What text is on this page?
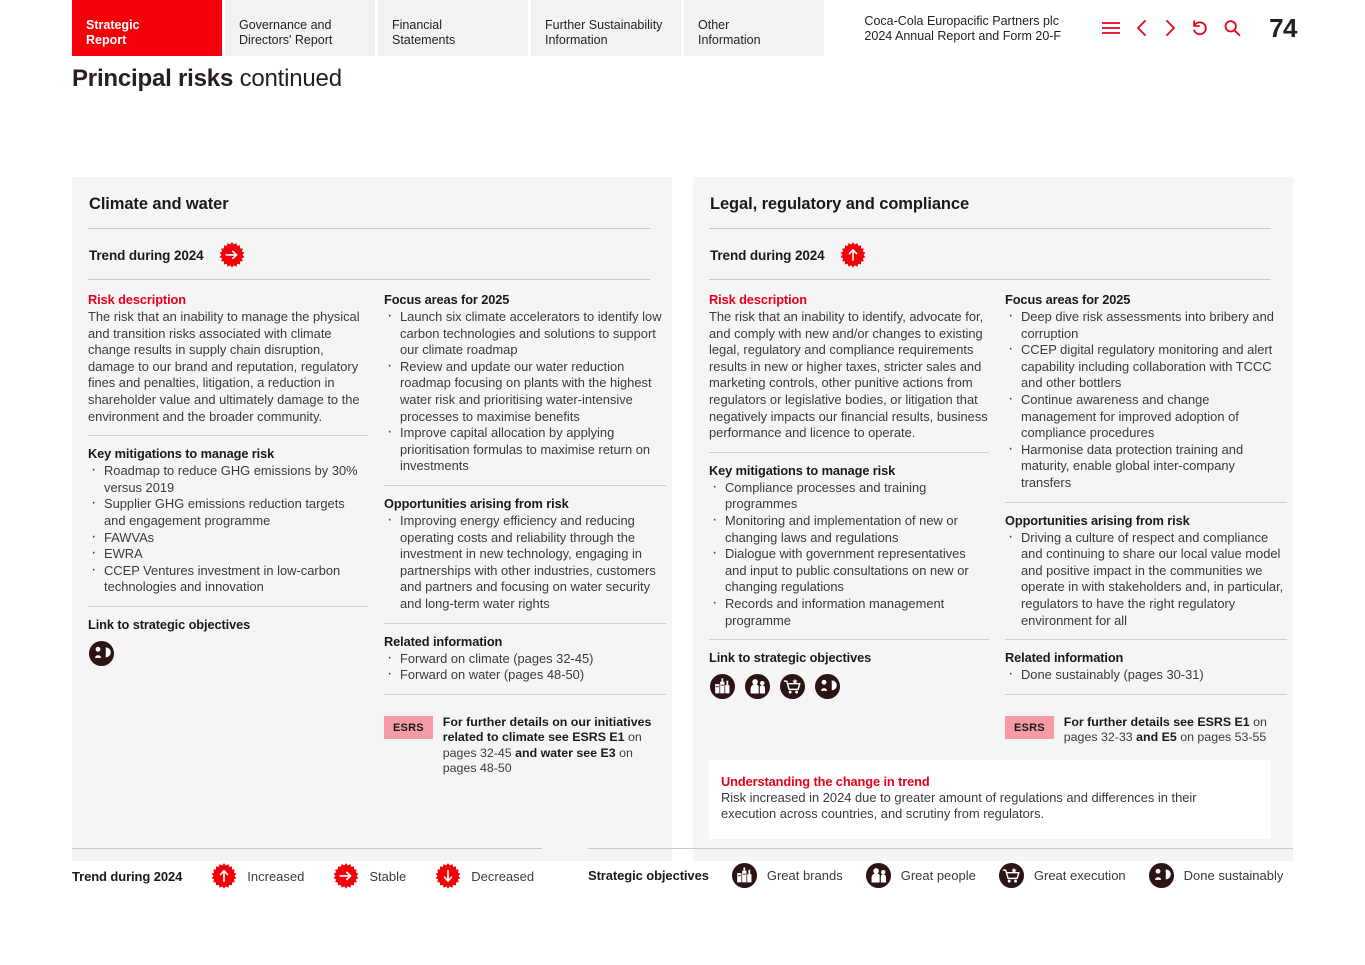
Strategic
Report
Governance and
Directors' Report
Financial
Statements
Further Sustainability
Information
Other
Information
Coca-Cola Europacific Partners plc
2024 Annual Report and Form 20-F	74
Principal risks continued
Climate and water
Trend during 2024
Risk description

The risk that an inability to manage the physical and transition risks associated with climate change results in supply chain disruption, damage to our brand and reputation, regulatory fines and penalties, litigation, a reduction in shareholder value and ultimately damage to the environment and the broader community.

Key mitigations to manage risk
· Roadmap to reduce GHG emissions by 30% versus 2019
· Supplier GHG emissions reduction targets and engagement programme
· FAWVAs
· EWRA
· CCEP Ventures investment in low-carbon technologies and innovation
Link to strategic objectives
Focus areas for 2025
· Launch six climate accelerators to identify low carbon technologies and solutions to support our climate roadmap
· Review and update our water reduction roadmap focusing on plants with the highest water risk and prioritising water-intensive processes to maximise benefits
· Improve capital allocation by applying prioritisation formulas to maximise return on investments
Opportunities arising from risk
· Improving energy efficiency and reducing operating costs and reliability through the investment in new technology, engaging in partnerships with other industries, customers and partners and focusing on water security and long-term water rights
Related information
· Forward on climate (pages 32-45)
· Forward on water (pages 48-50)
ESRS	For further details on our initiatives related to climate see ESRS E1 on pages 32-45 and water see E3 on pages 48-50
Legal, regulatory and compliance
Trend during 2024
Risk description

The risk that an inability to identify, advocate for, and comply with new and/or changes to existing legal, regulatory and compliance requirements results in new or higher taxes, stricter sales and marketing controls, other punitive actions from regulators or legislative bodies, or litigation that negatively impacts our financial results, business performance and licence to operate.

Key mitigations to manage risk
· Compliance processes and training programmes
· Monitoring and implementation of new or changing laws and regulations
· Dialogue with government representatives and input to public consultations on new or changing regulations
· Records and information management programme
Link to strategic objectives
Focus areas for 2025
· Deep dive risk assessments into bribery and corruption
· CCEP digital regulatory monitoring and alert capability including collaboration with TCCC and other bottlers
· Continue awareness and change management for improved adoption of compliance procedures
· Harmonise data protection training and maturity, enable global inter-company transfers
Opportunities arising from risk
· Driving a culture of respect and compliance and continuing to share our local value model and positive impact in the communities we operate in with stakeholders and, in particular, regulators to have the right regulatory environment for all
Related information
· Done sustainably (pages 30-31)
ESRS	For further details see ESRS E1 on pages 32-33 and E5 on pages 53-55
Understanding the change in trend

Risk increased in 2024 due to greater amount of regulations and differences in their execution across countries, and scrutiny from regulators.

Trend during 2024	Increased	Stable	Decreased	Strategic objectives	Great brands	Great people	Great execution	Done sustainably
